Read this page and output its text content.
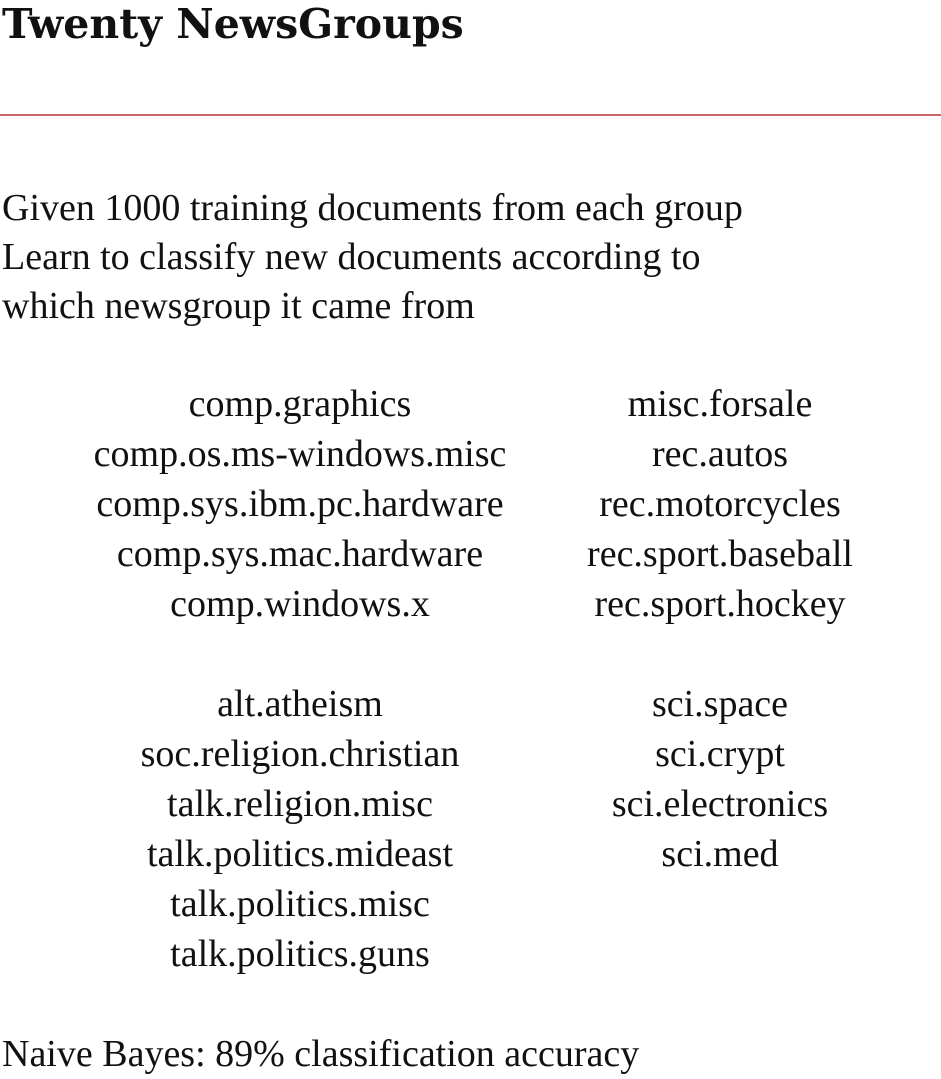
Twenty NewsGroups
Given 1000 training documents from each group
Learn to classify new documents according to
which newsgroup it came from
comp.graphics
comp.os.ms-windows.misc
comp.sys.ibm.pc.hardware
comp.sys.mac.hardware
comp.windows.x
misc.forsale
rec.autos
rec.motorcycles
rec.sport.baseball
rec.sport.hockey
alt.atheism
soc.religion.christian
talk.religion.misc
talk.politics.mideast
talk.politics.misc
talk.politics.guns
sci.space
sci.crypt
sci.electronics
sci.med

Naive Bayes: 89% classification accuracy
